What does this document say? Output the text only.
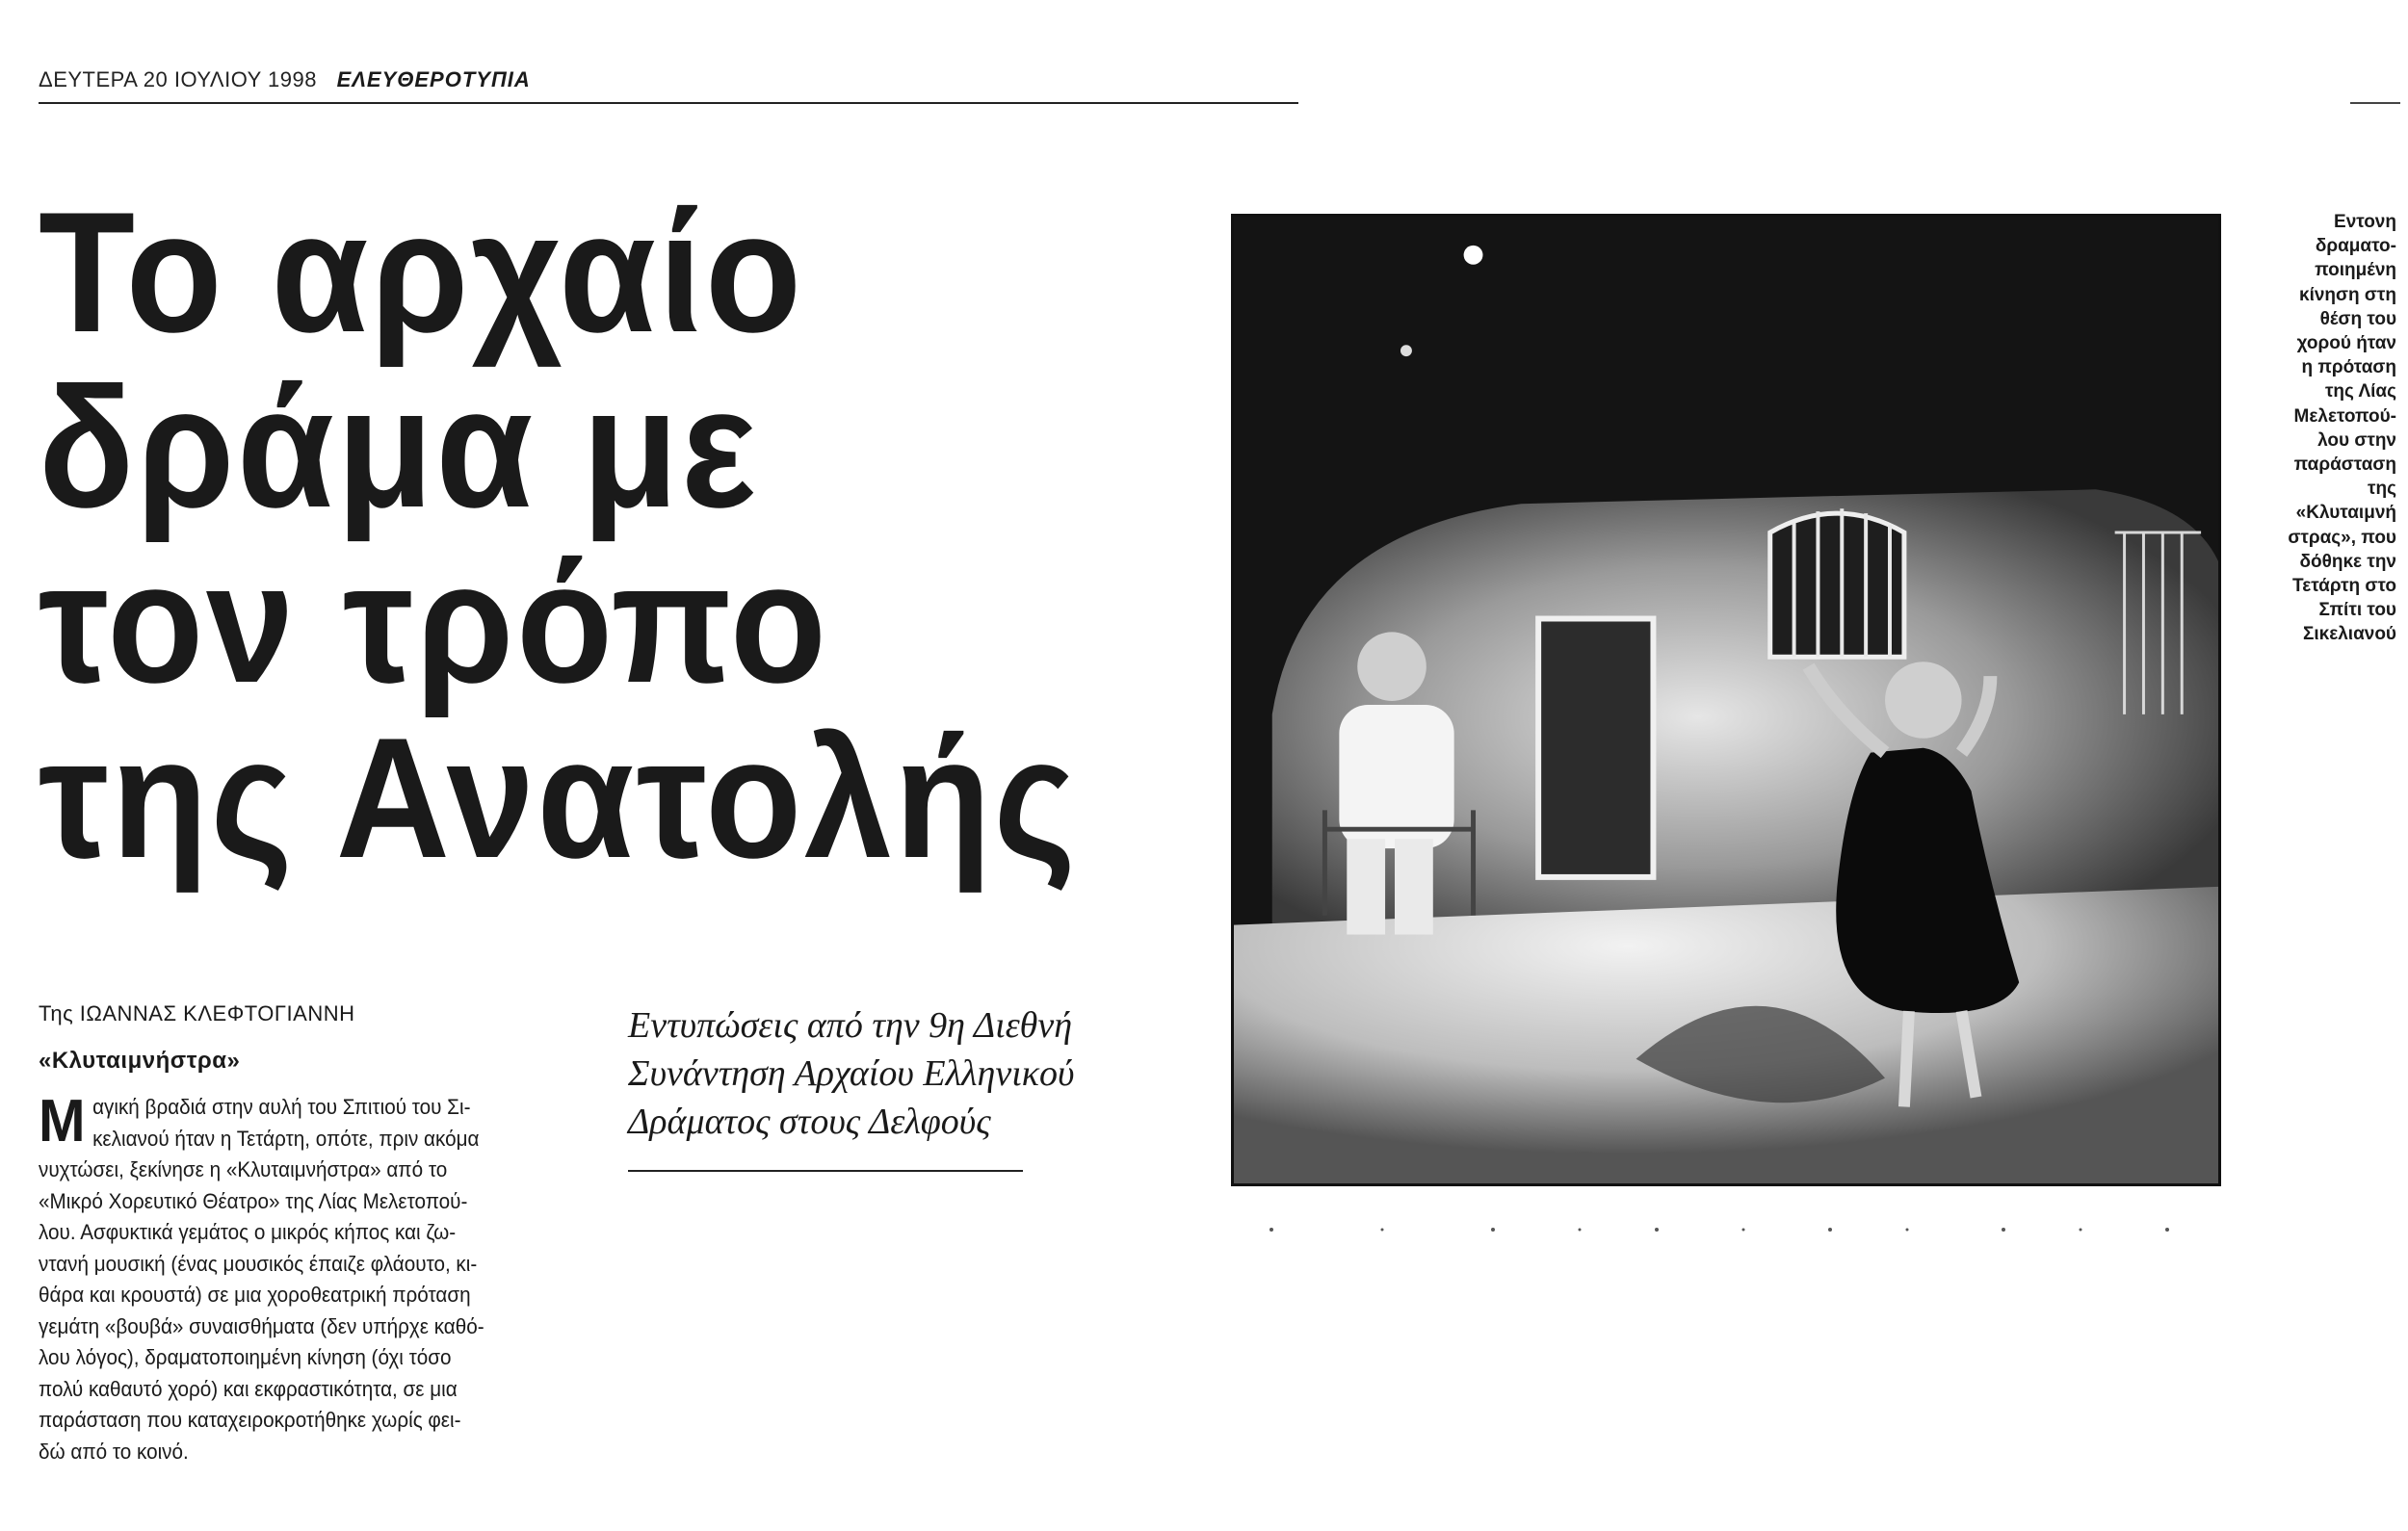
ΔΕΥΤΕΡΑ 20 ΙΟΥΛΙΟΥ 1998 ΕΛΕΥΘΕΡΟΤΥΠΙΑ
Το αρχαίο
δράμα με
τον τρόπο
της Ανατολής
Της ΙΩΑΝΝΑΣ ΚΛΕΦΤΟΓΙΑΝΝΗ
«Κλυταιμνήστρα»
Μ αγική βραδιά στην αυλή του Σπιτιού του Σι-
κελιανού ήταν η Τετάρτη, οπότε, πριν ακόμα
νυχτώσει, ξεκίνησε η «Κλυταιμνήστρα» από το
«Μικρό Χορευτικό Θέατρο» της Λίας Μελετοπού-
λου. Ασφυκτικά γεμάτος ο μικρός κήπος και ζω-
ντανή μουσική (ένας μουσικός έπαιζε φλάουτο, κι-
θάρα και κρουστά) σε μια χοροθεατρική πρόταση
γεμάτη «βουβά» συναισθήματα (δεν υπήρχε καθό-
λου λόγος), δραματοποιημένη κίνηση (όχι τόσο
πολύ καθαυτό χορό) και εκφραστικότητα, σε μια
παράσταση που καταχειροκροτήθηκε χωρίς φει-
δώ από το κοινό.
Εντυπώσεις από την 9η Διεθνή
Συνάντηση Αρχαίου Ελληνικού
Δράματος στους Δελφούς
Εντονη
δραματο-
ποιημένη
κίνηση στη
θέση του
χορού ήταν
η πρόταση
της Λίας
Μελετοπού-
λου στην
παράσταση
της
«Κλυταιμνή
στρας», που
δόθηκε την
Τετάρτη στο
Σπίτι του
Σικελιανού
